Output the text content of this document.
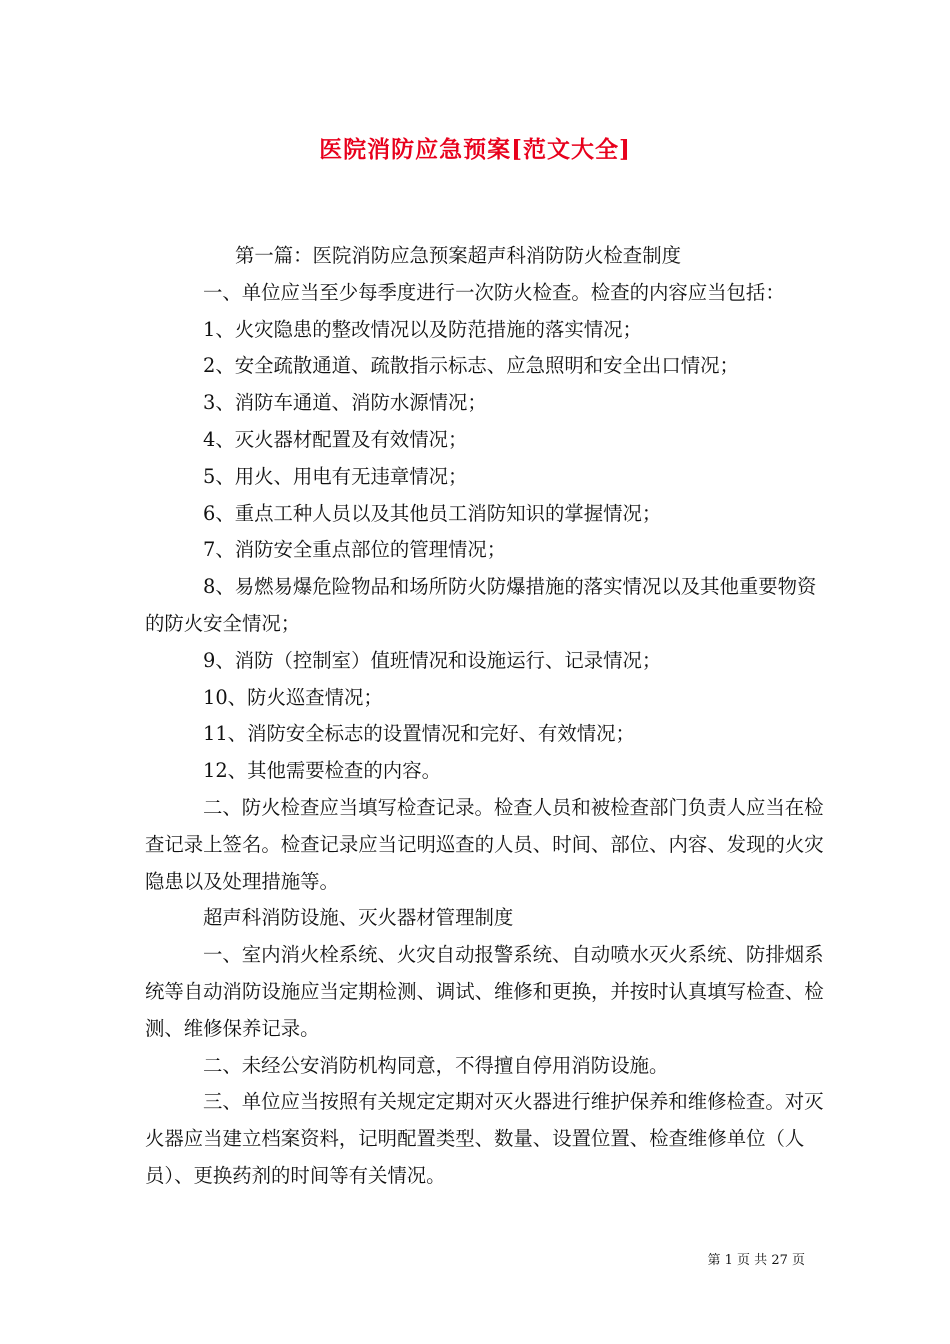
医院消防应急预案[范文大全]

第一篇：医院消防应急预案超声科消防防火检查制度

一、单位应当至少每季度进行一次防火检查。检查的内容应当包括：

1、火灾隐患的整改情况以及防范措施的落实情况；

2、安全疏散通道、疏散指示标志、应急照明和安全出口情况；

3、消防车通道、消防水源情况；

4、灭火器材配置及有效情况；

5、用火、用电有无违章情况；

6、重点工种人员以及其他员工消防知识的掌握情况；

7、消防安全重点部位的管理情况；

8、易燃易爆危险物品和场所防火防爆措施的落实情况以及其他重要物资的防火安全情况；

9、消防（控制室）值班情况和设施运行、记录情况；

10、防火巡查情况；

11、消防安全标志的设置情况和完好、有效情况；

12、其他需要检查的内容。

二、防火检查应当填写检查记录。检查人员和被检查部门负责人应当在检查记录上签名。检查记录应当记明巡查的人员、时间、部位、内容、发现的火灾隐患以及处理措施等。

超声科消防设施、灭火器材管理制度

一、室内消火栓系统、火灾自动报警系统、自动喷水灭火系统、防排烟系统等自动消防设施应当定期检测、调试、维修和更换，并按时认真填写检查、检测、维修保养记录。

二、未经公安消防机构同意，不得擅自停用消防设施。

三、单位应当按照有关规定定期对灭火器进行维护保养和维修检查。对灭火器应当建立档案资料，记明配置类型、数量、设置位置、检查维修单位（人员）、更换药剂的时间等有关情况。

第 1 页 共 27 页
